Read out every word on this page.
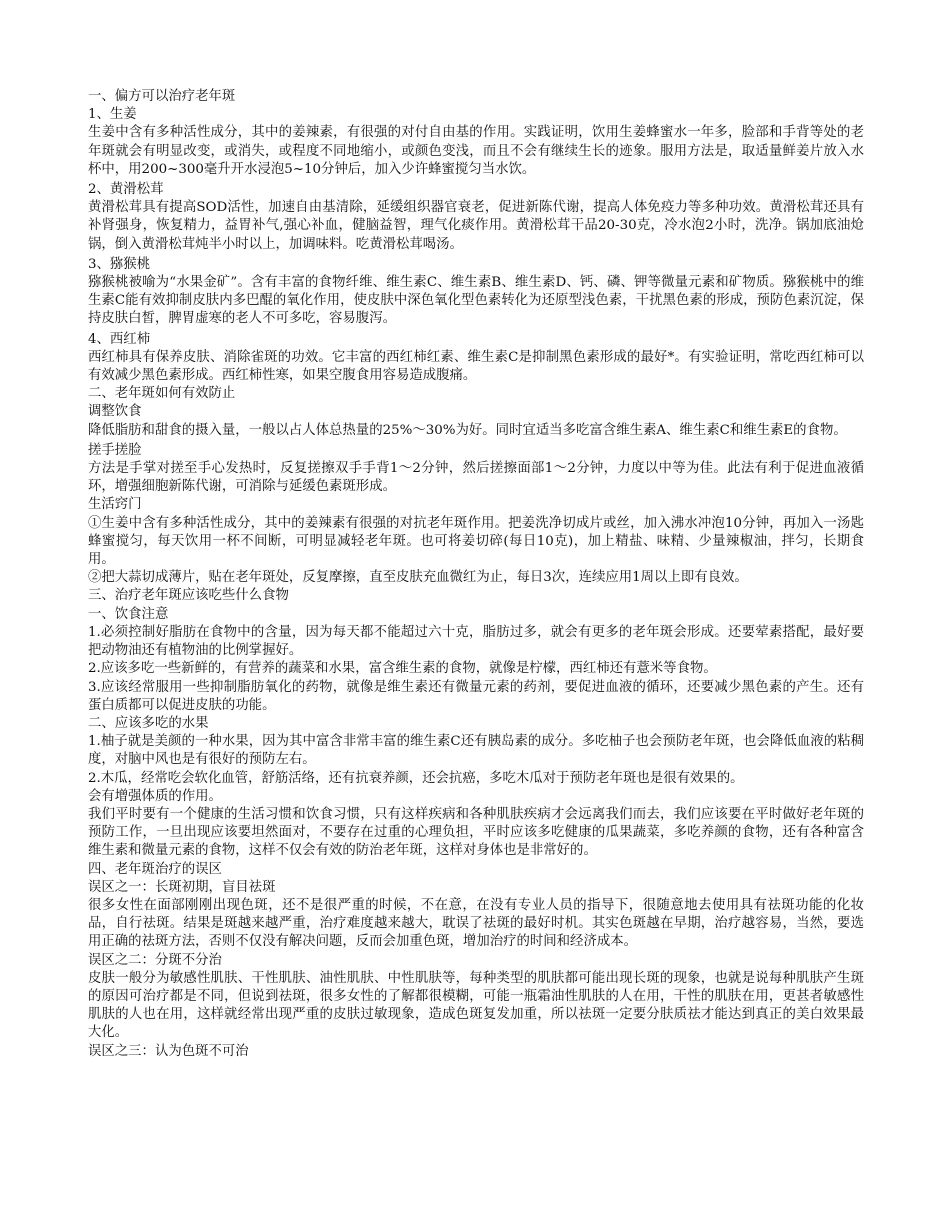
一、偏方可以治疗老年斑

1、生姜

生姜中含有多种活性成分，其中的姜辣素，有很强的对付自由基的作用。实践证明，饮用生姜蜂蜜水一年多，脸部和手背等处的老年斑就会有明显改变，或消失，或程度不同地缩小，或颜色变浅，而且不会有继续生长的迹象。服用方法是，取适量鲜姜片放入水杯中，用200~300毫升开水浸泡5~10分钟后，加入少许蜂蜜搅匀当水饮。

2、黄滑松茸

黄滑松茸具有提高SOD活性，加速自由基清除，延缓组织器官衰老，促进新陈代谢，提高人体免疫力等多种功效。黄滑松茸还具有补肾强身，恢复精力，益胃补气,强心补血，健脑益智，理气化痰作用。黄滑松茸干品20-30克，冷水泡2小时，洗净。锅加底油炝锅，倒入黄滑松茸炖半小时以上，加调味料。吃黄滑松茸喝汤。

3、猕猴桃

猕猴桃被喻为“水果金矿”。含有丰富的食物纤维、维生素C、维生素B、维生素D、钙、磷、钾等微量元素和矿物质。猕猴桃中的维生素C能有效抑制皮肤内多巴醌的氧化作用，使皮肤中深色氧化型色素转化为还原型浅色素，干扰黑色素的形成，预防色素沉淀，保持皮肤白皙，脾胃虚寒的老人不可多吃，容易腹泻。

4、西红柿

西红柿具有保养皮肤、消除雀斑的功效。它丰富的西红柿红素、维生素C是抑制黑色素形成的最好*。有实验证明，常吃西红柿可以有效减少黑色素形成。西红柿性寒，如果空腹食用容易造成腹痛。

二、老年斑如何有效防止

调整饮食

降低脂肪和甜食的摄入量，一般以占人体总热量的25%～30%为好。同时宜适当多吃富含维生素A、维生素C和维生素E的食物。

搓手搓脸

方法是手掌对搓至手心发热时，反复搓擦双手手背1～2分钟，然后搓擦面部1～2分钟，力度以中等为佳。此法有利于促进血液循环，增强细胞新陈代谢，可消除与延缓色素斑形成。

生活窍门

①生姜中含有多种活性成分，其中的姜辣素有很强的对抗老年斑作用。把姜洗净切成片或丝，加入沸水冲泡10分钟，再加入一汤匙蜂蜜搅匀，每天饮用一杯不间断，可明显减轻老年斑。也可将姜切碎(每日10克)，加上精盐、味精、少量辣椒油，拌匀，长期食用。

②把大蒜切成薄片，贴在老年斑处，反复摩擦，直至皮肤充血微红为止，每日3次，连续应用1周以上即有良效。

三、治疗老年斑应该吃些什么食物

一、饮食注意

1.必须控制好脂肪在食物中的含量，因为每天都不能超过六十克，脂肪过多，就会有更多的老年斑会形成。还要荤素搭配，最好要把动物油还有植物油的比例掌握好。

2.应该多吃一些新鲜的，有营养的蔬菜和水果，富含维生素的食物，就像是柠檬，西红柿还有薏米等食物。

3.应该经常服用一些抑制脂肪氧化的药物，就像是维生素还有微量元素的药剂，要促进血液的循环，还要减少黑色素的产生。还有蛋白质都可以促进皮肤的功能。

二、应该多吃的水果

1.柚子就是美颜的一种水果，因为其中富含非常丰富的维生素C还有胰岛素的成分。多吃柚子也会预防老年斑，也会降低血液的粘稠度，对脑中风也是有很好的预防左右。

2.木瓜，经常吃会软化血管，舒筋活络，还有抗衰养颜，还会抗癌，多吃木瓜对于预防老年斑也是很有效果的。

会有增强体质的作用。

我们平时要有一个健康的生活习惯和饮食习惯，只有这样疾病和各种肌肤疾病才会远离我们而去，我们应该要在平时做好老年斑的预防工作，一旦出现应该要坦然面对，不要存在过重的心理负担，平时应该多吃健康的瓜果蔬菜，多吃养颜的食物，还有各种富含维生素和微量元素的食物，这样不仅会有效的防治老年斑，这样对身体也是非常好的。

四、老年斑治疗的误区

误区之一：长斑初期，盲目祛斑

很多女性在面部刚刚出现色斑，还不是很严重的时候，不在意，在没有专业人员的指导下，很随意地去使用具有祛斑功能的化妆品，自行祛斑。结果是斑越来越严重，治疗难度越来越大，耽误了祛斑的最好时机。其实色斑越在早期，治疗越容易，当然，要选用正确的祛斑方法，否则不仅没有解决问题，反而会加重色斑，增加治疗的时间和经济成本。

误区之二：分斑不分治

皮肤一般分为敏感性肌肤、干性肌肤、油性肌肤、中性肌肤等，每种类型的肌肤都可能出现长斑的现象，也就是说每种肌肤产生斑的原因可治疗都是不同，但说到祛斑，很多女性的了解都很模糊，可能一瓶霜油性肌肤的人在用，干性的肌肤在用，更甚者敏感性肌肤的人也在用，这样就经常出现严重的皮肤过敏现象，造成色斑复发加重，所以祛斑一定要分肤质祛才能达到真正的美白效果最大化。

误区之三：认为色斑不可治
